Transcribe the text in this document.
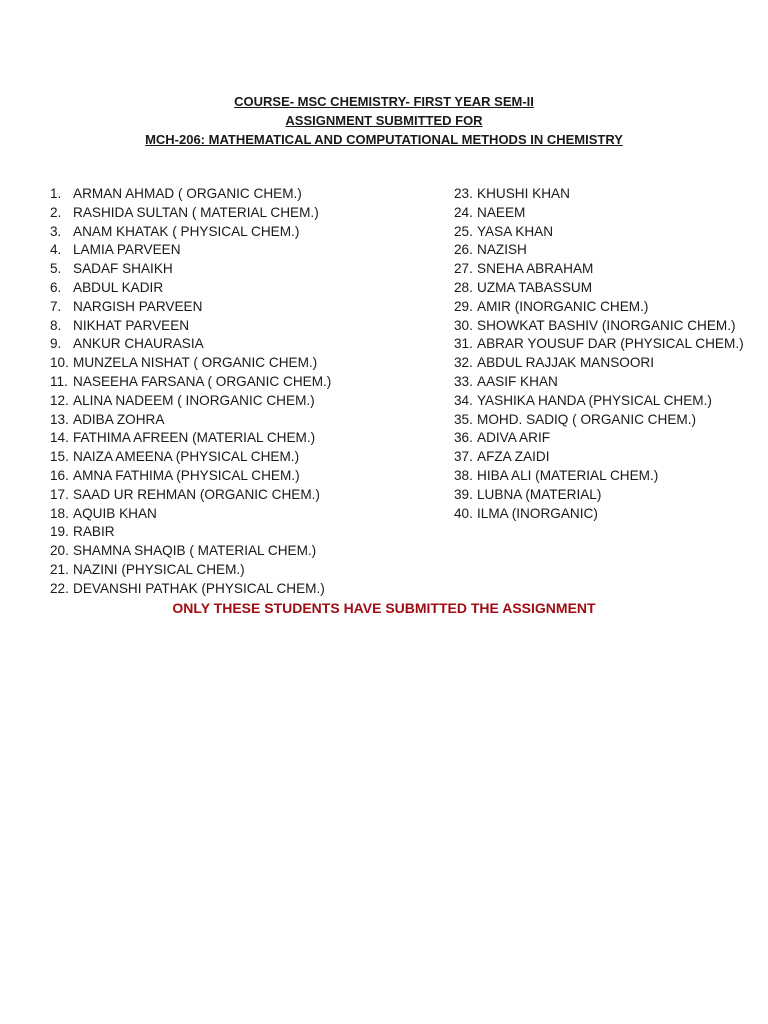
COURSE- MSC CHEMISTRY- FIRST YEAR SEM-II
ASSIGNMENT SUBMITTED FOR
MCH-206: MATHEMATICAL AND COMPUTATIONAL METHODS IN CHEMISTRY
1. ARMAN AHMAD ( ORGANIC CHEM.)
2. RASHIDA SULTAN ( MATERIAL CHEM.)
3. ANAM KHATAK ( PHYSICAL CHEM.)
4. LAMIA PARVEEN
5. SADAF SHAIKH
6. ABDUL KADIR
7. NARGISH PARVEEN
8. NIKHAT PARVEEN
9. ANKUR CHAURASIA
10. MUNZELA NISHAT ( ORGANIC CHEM.)
11. NASEEHA FARSANA ( ORGANIC CHEM.)
12. ALINA NADEEM ( INORGANIC CHEM.)
13. ADIBA ZOHRA
14. FATHIMA AFREEN (MATERIAL CHEM.)
15. NAIZA AMEENA (PHYSICAL CHEM.)
16. AMNA FATHIMA (PHYSICAL CHEM.)
17. SAAD UR REHMAN (ORGANIC CHEM.)
18. AQUIB KHAN
19. RABIR
20. SHAMNA SHAQIB ( MATERIAL CHEM.)
21. NAZINI (PHYSICAL CHEM.)
22. DEVANSHI PATHAK (PHYSICAL CHEM.)
23. KHUSHI KHAN
24. NAEEM
25. YASA KHAN
26. NAZISH
27. SNEHA ABRAHAM
28. UZMA TABASSUM
29. AMIR (INORGANIC CHEM.)
30. SHOWKAT BASHIV (INORGANIC CHEM.)
31. ABRAR YOUSUF DAR (PHYSICAL CHEM.)
32. ABDUL RAJJAK MANSOORI
33. AASIF KHAN
34. YASHIKA HANDA (PHYSICAL CHEM.)
35. MOHD. SADIQ ( ORGANIC CHEM.)
36. ADIVA ARIF
37. AFZA ZAIDI
38. HIBA ALI (MATERIAL CHEM.)
39. LUBNA (MATERIAL)
40. ILMA (INORGANIC)
ONLY THESE STUDENTS HAVE SUBMITTED THE ASSIGNMENT
